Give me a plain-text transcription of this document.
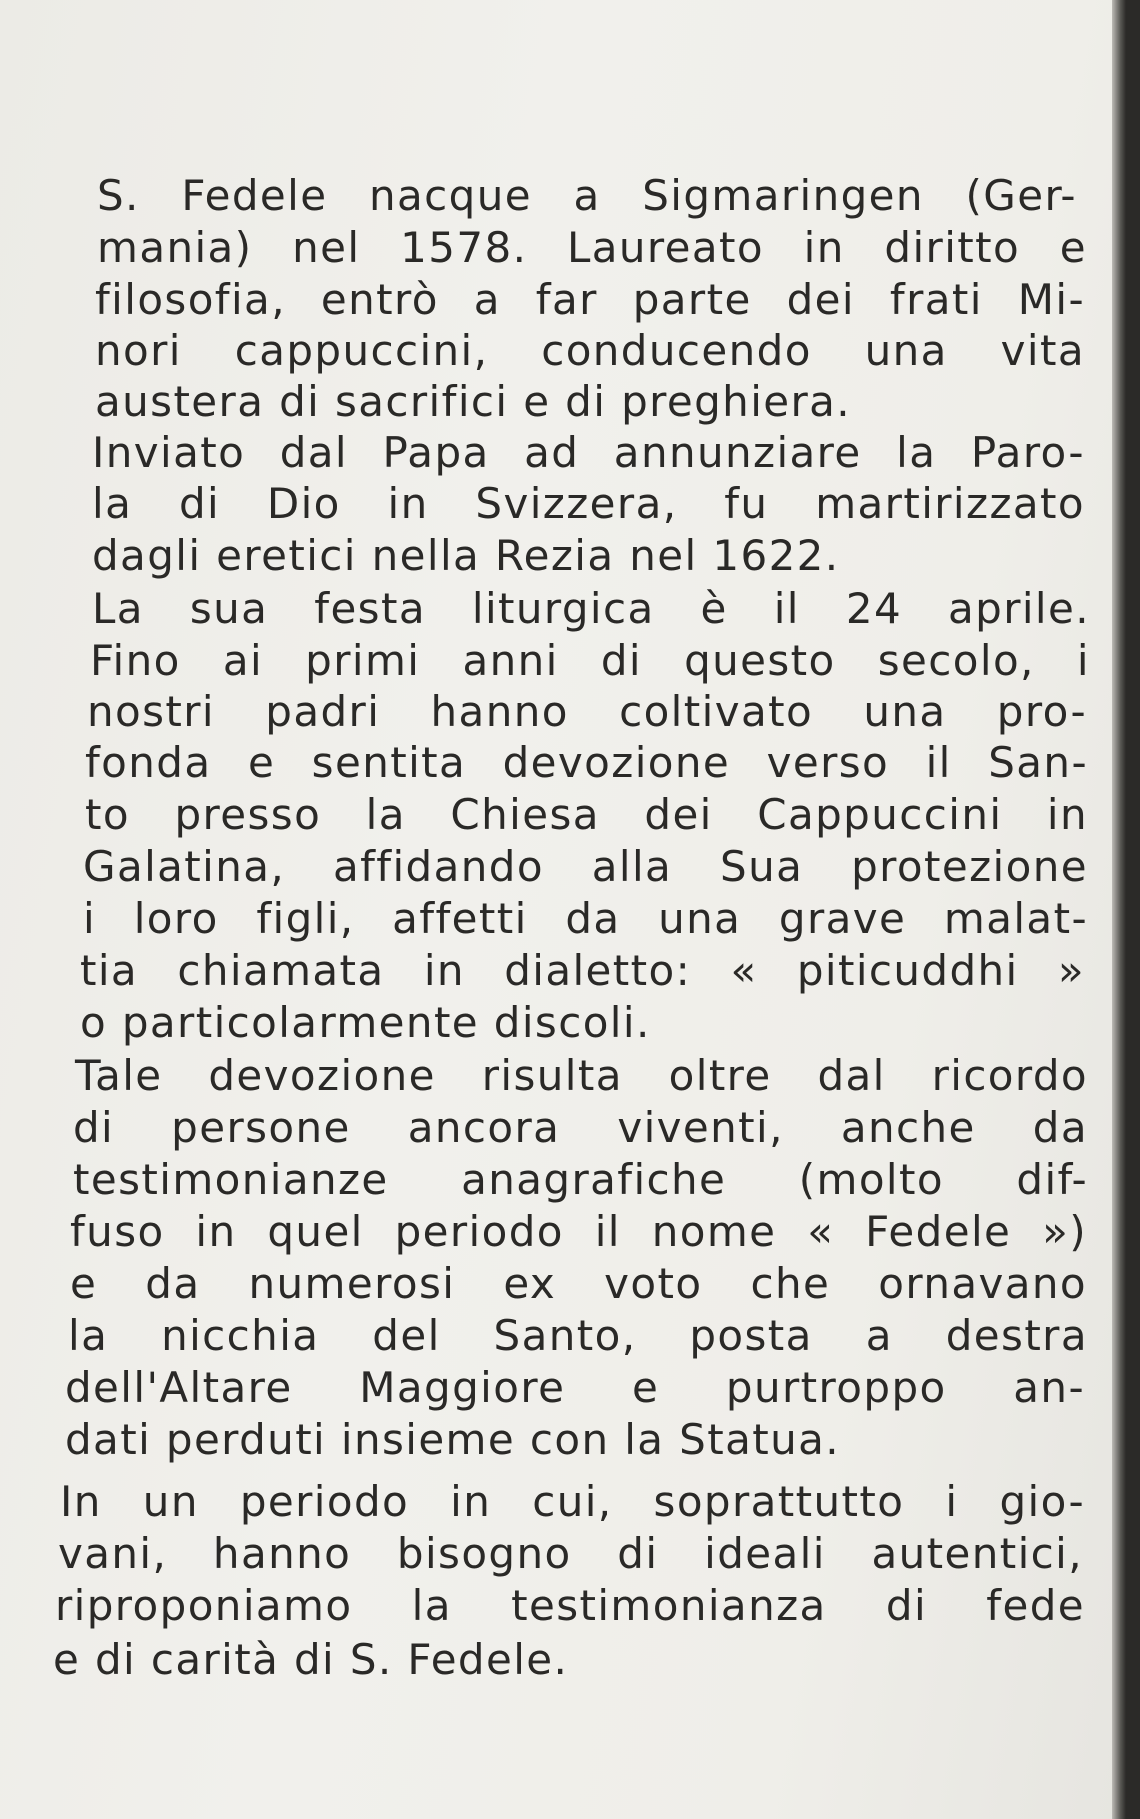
S. Fedele nacque a Sigmaringen (Ger-
mania) nel 1578. Laureato in diritto e
filosofia, entrò a far parte dei frati Mi-
nori cappuccini, conducendo una vita
austera di sacrifici e di preghiera.
Inviato dal Papa ad annunziare la Paro-
la di Dio in Svizzera, fu martirizzato
dagli eretici nella Rezia nel 1622.
La sua festa liturgica è il 24 aprile.
Fino ai primi anni di questo secolo, i
nostri padri hanno coltivato una pro-
fonda e sentita devozione verso il San-
to presso la Chiesa dei Cappuccini in
Galatina, affidando alla Sua protezione
i loro figli, affetti da una grave malat-
tia chiamata in dialetto: « piticuddhi »
o particolarmente discoli.
Tale devozione risulta oltre dal ricordo
di persone ancora viventi, anche da
testimonianze anagrafiche (molto dif-
fuso in quel periodo il nome « Fedele »)
e da numerosi ex voto che ornavano
la nicchia del Santo, posta a destra
dell'Altare Maggiore e purtroppo an-
dati perduti insieme con la Statua.
In un periodo in cui, soprattutto i gio-
vani, hanno bisogno di ideali autentici,
riproponiamo la testimonianza di fede
e di carità di S. Fedele.
